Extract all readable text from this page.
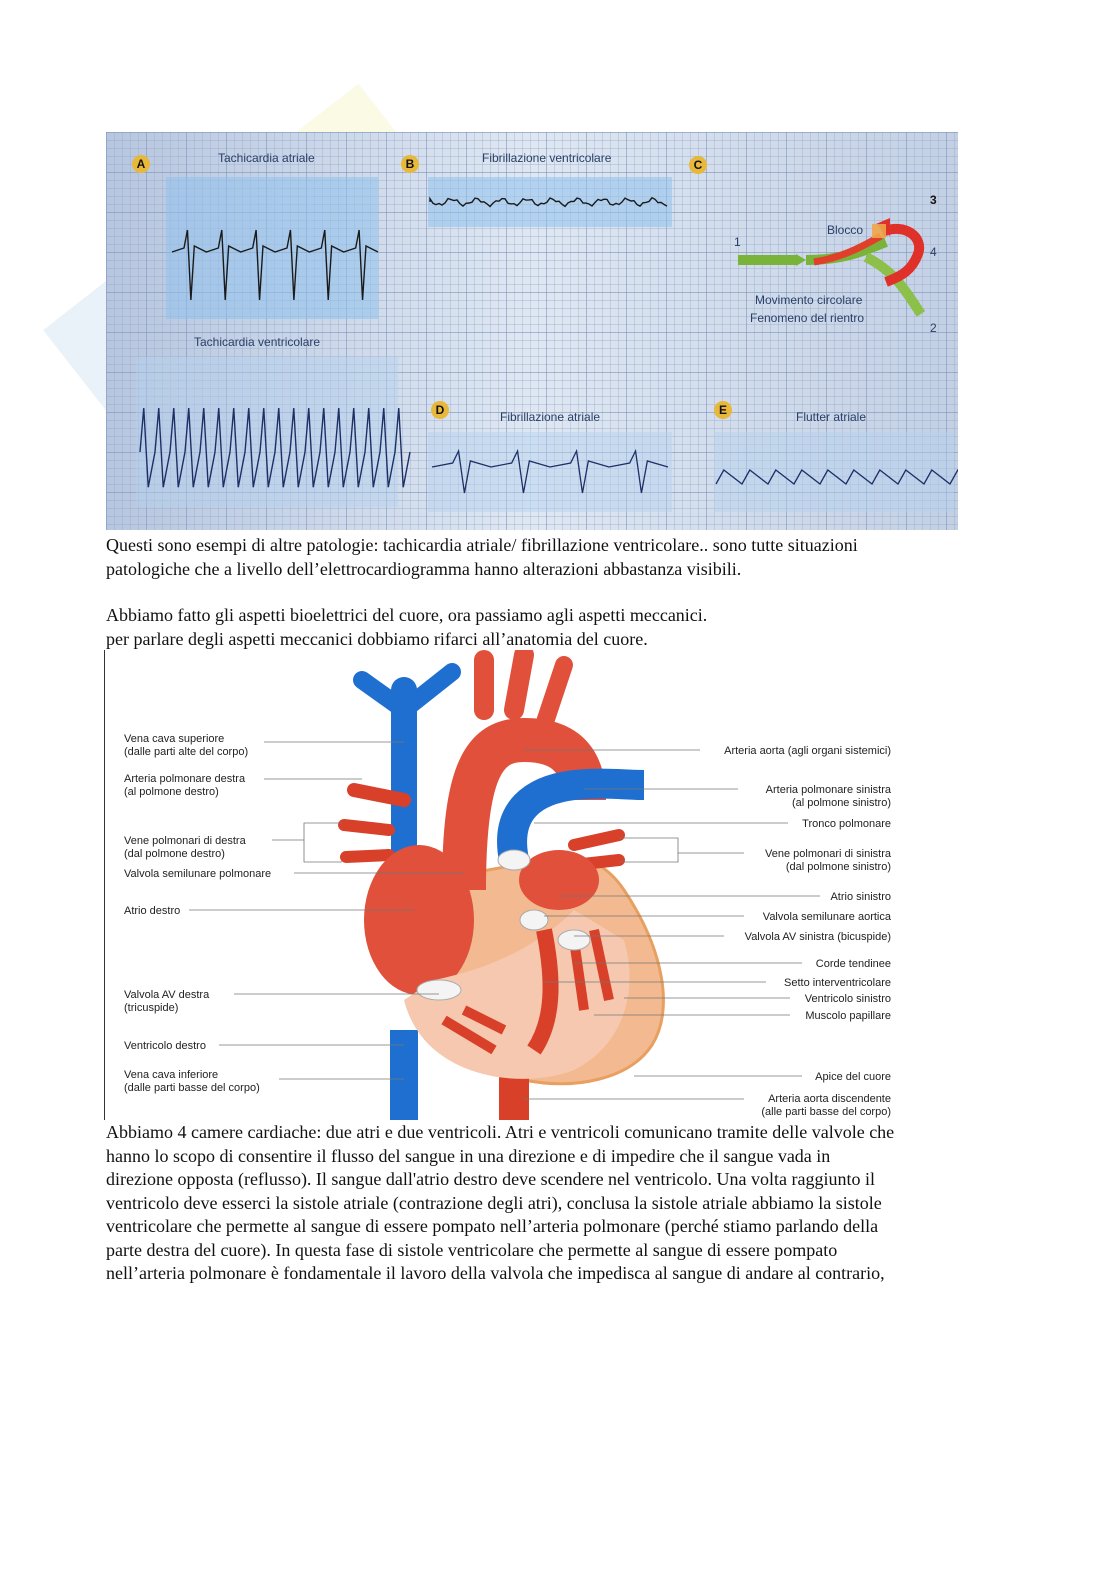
A	B	C
D	E
Tachicardia atriale	Fibrillazione ventricolare
Tachicardia ventricolare
Fibrillazione atriale	Flutter atriale
Blocco
Movimento circolare
Fenomeno del rientro
1
2
3
4

Questi sono esempi di altre patologie: tachicardia atriale/ fibrillazione ventricolare.. sono tutte situazioni
patologiche che a livello dell’elettrocardiogramma hanno alterazioni abbastanza visibili.

Abbiamo fatto gli aspetti bioelettrici del cuore, ora passiamo agli aspetti meccanici.
per parlare degli aspetti meccanici dobbiamo rifarci all’anatomia del cuore.

Vena cava superiore
(dalle parti alte del corpo)
Arteria polmonare destra
(al polmone destro)
Vene polmonari di destra
(dal polmone destro)
Valvola semilunare polmonare
Atrio destro
Valvola AV destra
(tricuspide)
Ventricolo destro
Vena cava inferiore
(dalle parti basse del corpo)
Arteria aorta (agli organi sistemici)
Arteria polmonare sinistra
(al polmone sinistro)
Tronco polmonare
Vene polmonari di sinistra
(dal polmone sinistro)
Atrio sinistro
Valvola semilunare aortica
Valvola AV sinistra (bicuspide)
Corde tendinee
Setto interventricolare
Ventricolo sinistro
Muscolo papillare
Apice del cuore
Arteria aorta discendente
(alle parti basse del corpo)

Abbiamo 4 camere cardiache: due atri e due ventricoli. Atri e ventricoli comunicano tramite delle valvole che
hanno lo scopo di consentire il flusso del sangue in una direzione e di impedire che il sangue vada in
direzione opposta (reflusso). Il sangue dall'atrio destro deve scendere nel ventricolo. Una volta raggiunto il
ventricolo deve esserci la sistole atriale (contrazione degli atri), conclusa la sistole atriale abbiamo la sistole
ventricolare che permette al sangue di essere pompato nell’arteria polmonare (perché stiamo parlando della
parte destra del cuore). In questa fase di sistole ventricolare che permette al sangue di essere pompato
nell’arteria polmonare è fondamentale il lavoro della valvola che impedisca al sangue di andare al contrario,
